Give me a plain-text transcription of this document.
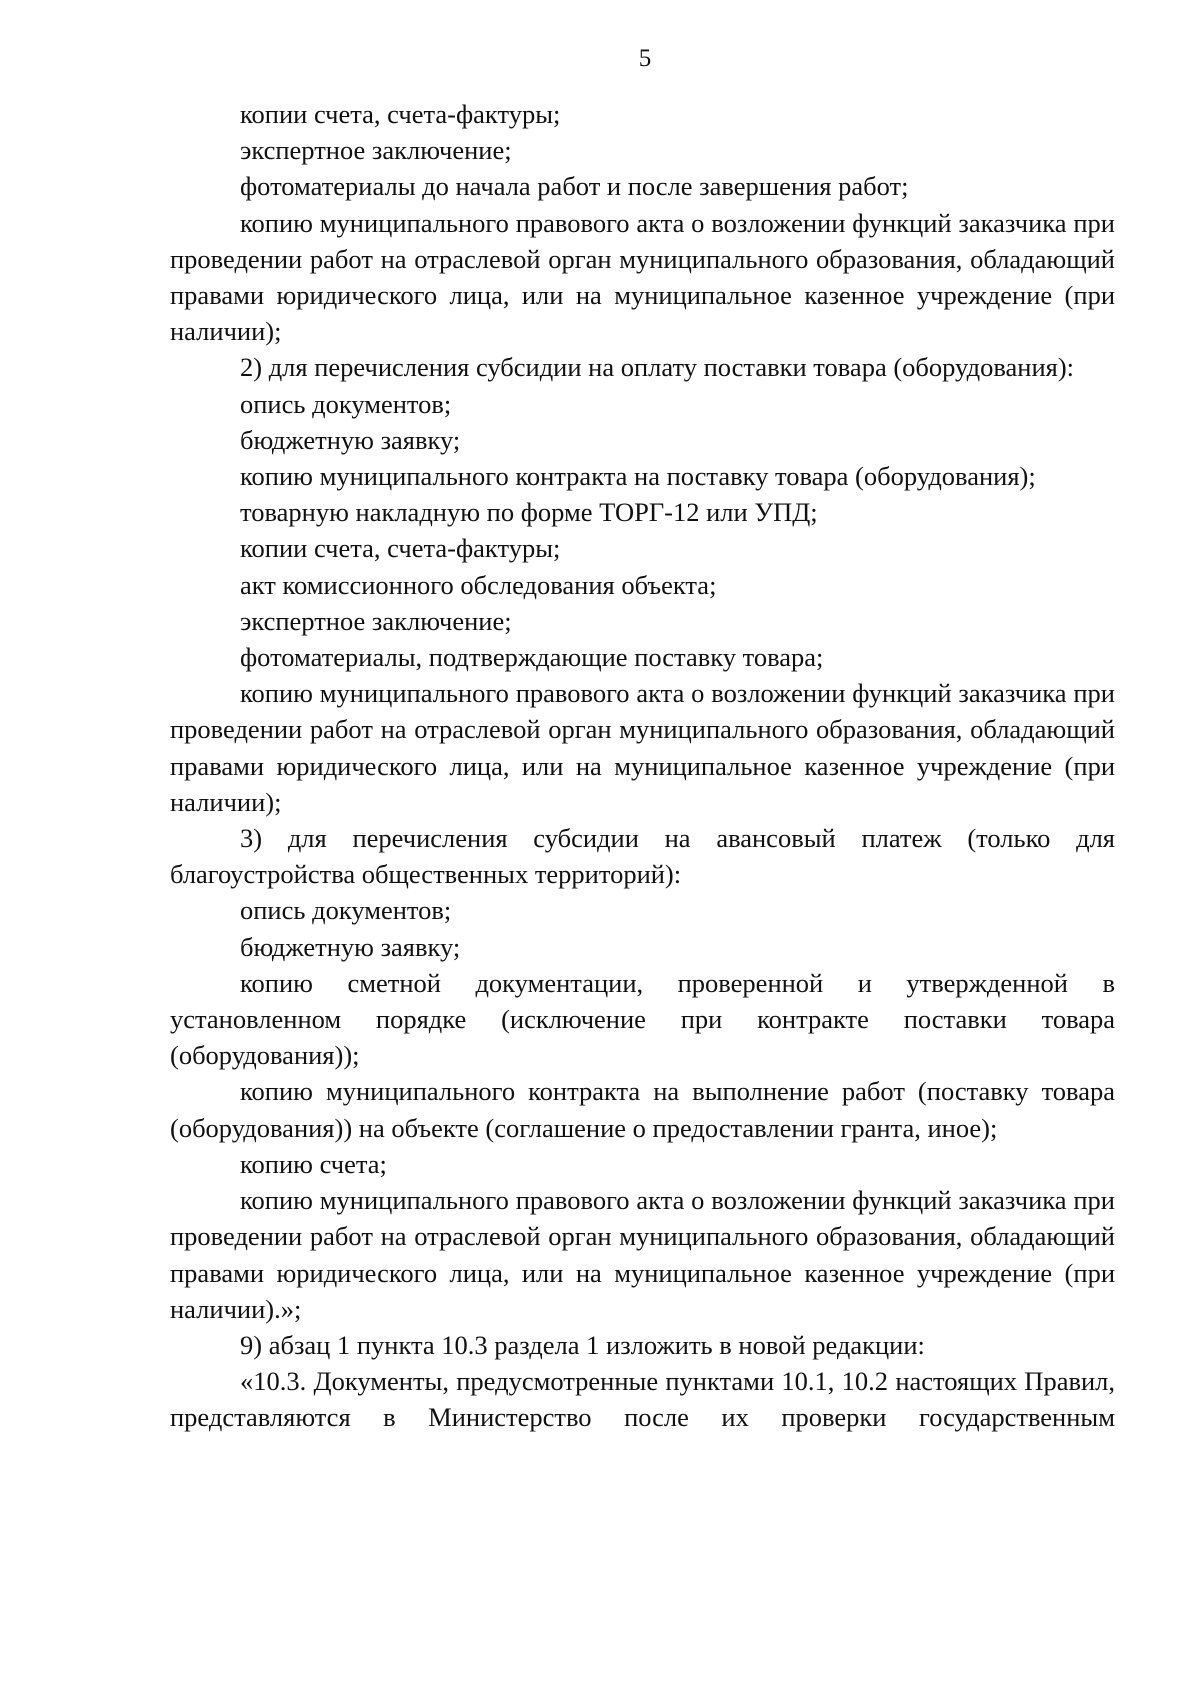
5

копии счета, счета-фактуры;

экспертное заключение;

фотоматериалы до начала работ и после завершения работ;

копию муниципального правового акта о возложении функций заказчика при проведении работ на отраслевой орган муниципального образования, обладающий правами юридического лица, или на муниципальное казенное учреждение (при наличии);

2) для перечисления субсидии на оплату поставки товара (оборудования):

опись документов;

бюджетную заявку;

копию муниципального контракта на поставку товара (оборудования);

товарную накладную по форме ТОРГ-12 или УПД;

копии счета, счета-фактуры;

акт комиссионного обследования объекта;

экспертное заключение;

фотоматериалы, подтверждающие поставку товара;

копию муниципального правового акта о возложении функций заказчика при проведении работ на отраслевой орган муниципального образования, обладающий правами юридического лица, или на муниципальное казенное учреждение (при наличии);

3) для перечисления субсидии на авансовый платеж (только для благоустройства общественных территорий):

опись документов;

бюджетную заявку;

копию сметной документации, проверенной и утвержденной в установленном порядке (исключение при контракте поставки товара (оборудования));

копию муниципального контракта на выполнение работ (поставку товара (оборудования)) на объекте (соглашение о предоставлении гранта, иное);

копию счета;

копию муниципального правового акта о возложении функций заказчика при проведении работ на отраслевой орган муниципального образования, обладающий правами юридического лица, или на муниципальное казенное учреждение (при наличии).»;

9) абзац 1 пункта 10.3 раздела 1 изложить в новой редакции:

«10.3. Документы, предусмотренные пунктами 10.1, 10.2 настоящих Правил, представляются в Министерство после их проверки государственным
